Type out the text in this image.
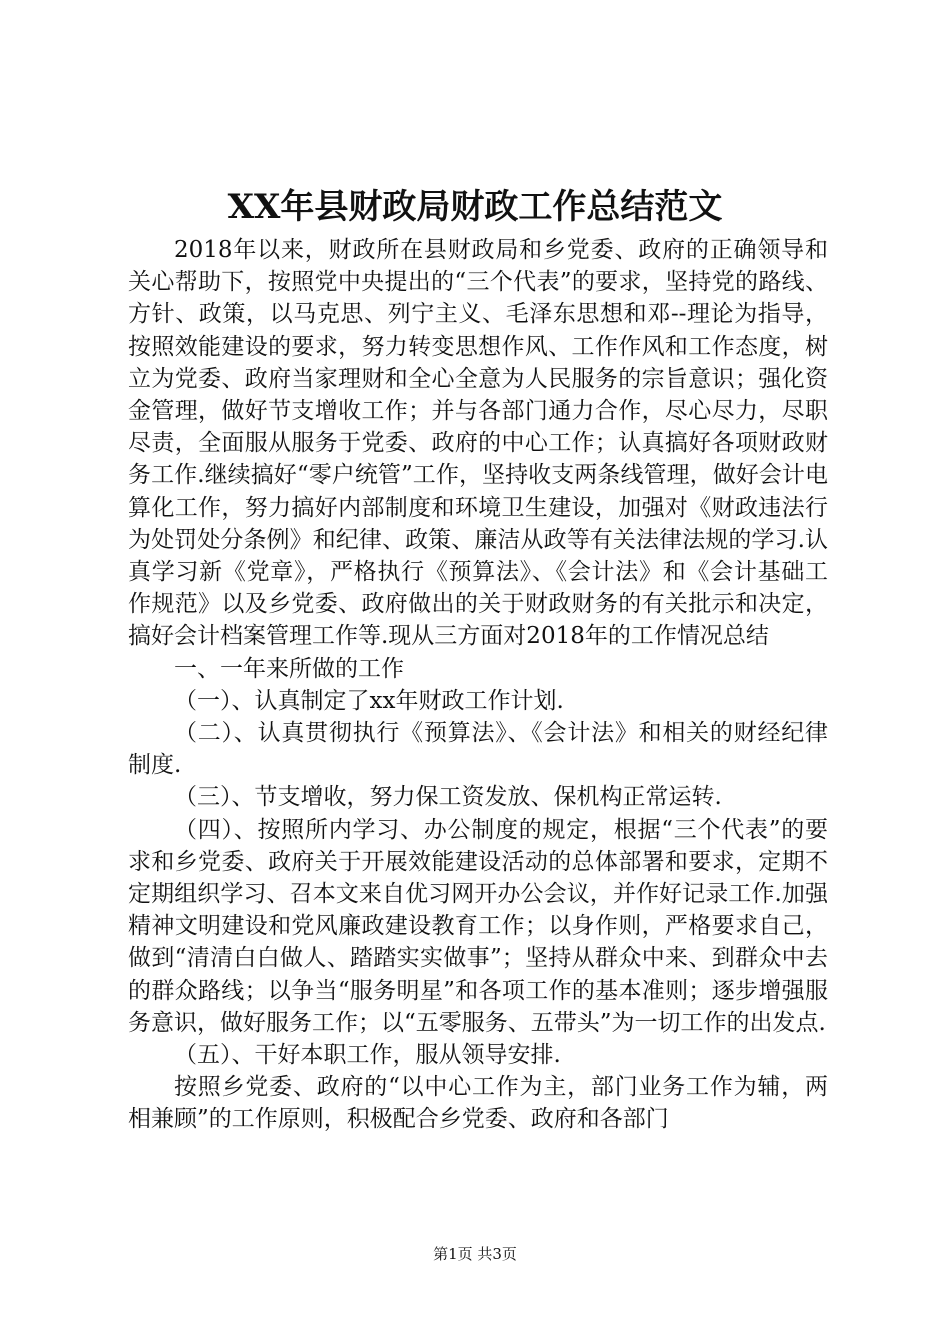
XX年县财政局财政工作总结范文

2018年以来，财政所在县财政局和乡党委、政府的正确领导和关心帮助下，按照党中央提出的“三个代表”的要求，坚持党的路线、方针、政策，以马克思、列宁主义、毛泽东思想和邓--理论为指导，按照效能建设的要求，努力转变思想作风、工作作风和工作态度，树立为党委、政府当家理财和全心全意为人民服务的宗旨意识；强化资金管理，做好节支增收工作；并与各部门通力合作，尽心尽力，尽职尽责，全面服从服务于党委、政府的中心工作；认真搞好各项财政财务工作.继续搞好“零户统管”工作，坚持收支两条线管理，做好会计电算化工作，努力搞好内部制度和环境卫生建设，加强对《财政违法行为处罚处分条例》和纪律、政策、廉洁从政等有关法律法规的学习.认真学习新《党章》，严格执行《预算法》、《会计法》和《会计基础工作规范》以及乡党委、政府做出的关于财政财务的有关批示和决定，搞好会计档案管理工作等.现从三方面对2018年的工作情况总结

一、一年来所做的工作

（一）、认真制定了xx年财政工作计划.

（二）、认真贯彻执行《预算法》、《会计法》和相关的财经纪律制度.

（三）、节支增收，努力保工资发放、保机构正常运转.

（四）、按照所内学习、办公制度的规定，根据“三个代表”的要求和乡党委、政府关于开展效能建设活动的总体部署和要求，定期不定期组织学习、召本文来自优习网开办公会议，并作好记录工作.加强精神文明建设和党风廉政建设教育工作；以身作则，严格要求自己，做到“清清白白做人、踏踏实实做事”；坚持从群众中来、到群众中去的群众路线；以争当“服务明星”和各项工作的基本准则；逐步增强服务意识，做好服务工作；以“五零服务、五带头”为一切工作的出发点.

（五）、干好本职工作，服从领导安排.

按照乡党委、政府的“以中心工作为主，部门业务工作为辅，两相兼顾”的工作原则，积极配合乡党委、政府和各部门

第1页 共3页
